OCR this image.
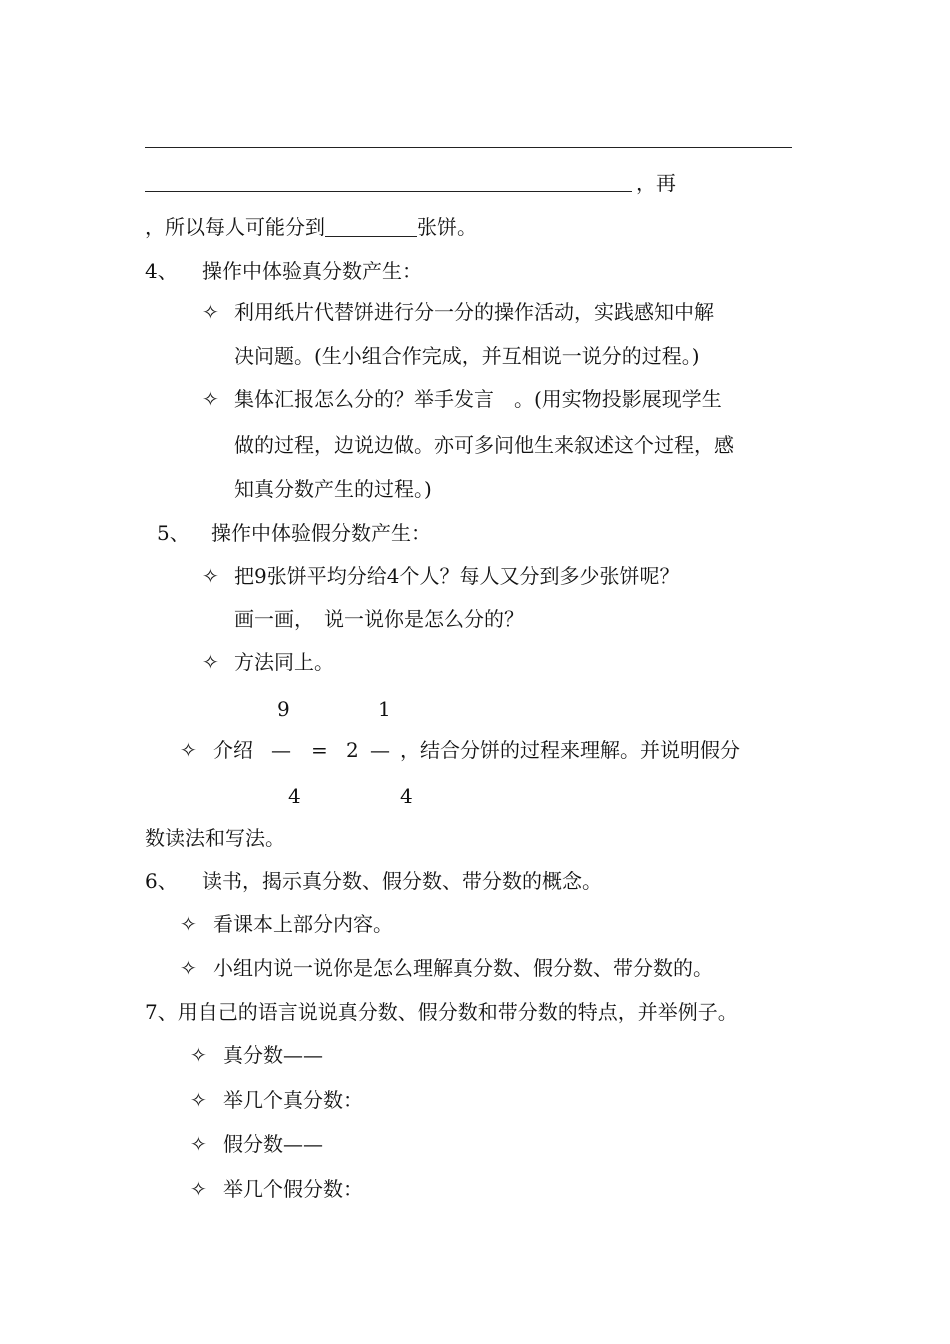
，再
，所以每人可能分到	张饼。
4、 操作中体验真分数产生：
✧ 利用纸片代替饼进行分一分的操作活动，实践感知中解
决问题。(生小组合作完成，并互相说一说分的过程。)
✧ 集体汇报怎么分的？举手发言　。(用实物投影展现学生
做的过程，边说边做。亦可多问他生来叙述这个过程，感
知真分数产生的过程。)
5、 操作中体验假分数产生：
✧ 把9张饼平均分给4个人？每人又分到多少张饼呢？
画一画，　说一说你是怎么分的？
✧ 方法同上。
9	1
✧ 介绍 — = 2 — ，结合分饼的过程来理解。并说明假分
4	4
数读法和写法。
6、 读书，揭示真分数、假分数、带分数的概念。
✧ 看课本上部分内容。
✧ 小组内说一说你是怎么理解真分数、假分数、带分数的。
7、用自己的语言说说真分数、假分数和带分数的特点，并举例子。
✧ 真分数——
✧ 举几个真分数：
✧ 假分数——
✧ 举几个假分数：
